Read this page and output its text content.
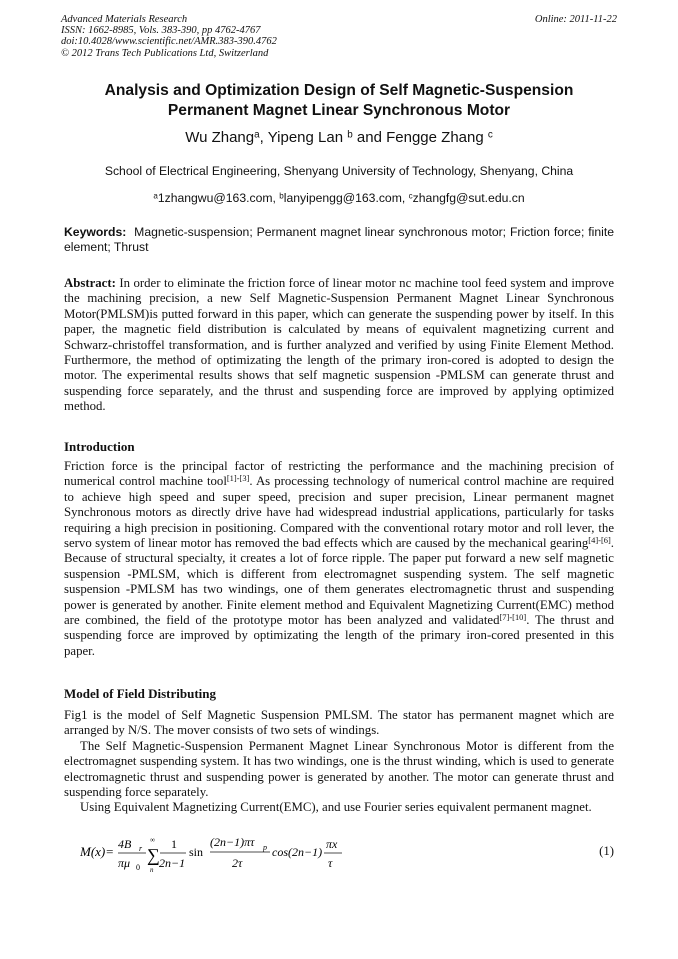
Advanced Materials Research
ISSN: 1662-8985, Vols. 383-390, pp 4762-4767
doi:10.4028/www.scientific.net/AMR.383-390.4762
© 2012 Trans Tech Publications Ltd, Switzerland
Online: 2011-11-22
Analysis and Optimization Design of Self Magnetic-Suspension
Permanent Magnet Linear Synchronous Motor
Wu Zhang$^a$, Yipeng Lan $^b$ and Fengge Zhang $^c$
School of Electrical Engineering, Shenyang University of Technology, Shenyang, China
$^a$1zhangwu@163.com, $^b$lanyipengg@163.com, $^c$zhangfg@sut.edu.cn
Keywords: Magnetic-suspension; Permanent magnet linear synchronous motor; Friction force; finite element; Thrust
Abstract: In order to eliminate the friction force of linear motor nc machine tool feed system and improve the machining precision, a new Self Magnetic-Suspension Permanent Magnet Linear Synchronous Motor(PMLSM)is putted forward in this paper, which can generate the suspending power by itself. In this paper, the magnetic field distribution is calculated by means of equivalent magnetizing current and Schwarz-christoffel transformation, and is further analyzed and verified by using Finite Element Method. Furthermore, the method of optimizating the length of the primary iron-cored is adopted to design the motor. The experimental results shows that self magnetic suspension -PMLSM can generate thrust and suspending force separately, and the thrust and suspending force are improved by applying optimized method.
Introduction
Friction force is the principal factor of restricting the performance and the machining precision of numerical control machine tool[1]-[3]. As processing technology of numerical control machine are required to achieve high speed and super speed, precision and super precision, Linear permanent magnet Synchronous motors as directly drive have had widespread industrial applications, particularly for tasks requiring a high precision in positioning. Compared with the conventional rotary motor and roll lever, the servo system of linear motor has removed the bad effects which are caused by the mechanical gearing[4]-[6]. Because of structural specialty, it creates a lot of force ripple. The paper put forward a new self magnetic suspension -PMLSM, which is different from electromagnet suspending system. The self magnetic suspension -PMLSM has two windings, one of them generates electromagnetic thrust and suspending power is generated by another. Finite element method and Equivalent Magnetizing Current(EMC) method are combined, the field of the prototype motor has been analyzed and validated[7]-[10]. The thrust and suspending force are improved by optimizating the length of the primary iron-cored presented in this paper.
Model of Field Distributing

Fig1 is the model of Self Magnetic Suspension PMLSM. The stator has permanent magnet which are arranged by N/S. The mover consists of two sets of windings.

The Self Magnetic-Suspension Permanent Magnet Linear Synchronous Motor is different from the electromagnet suspending system. It has two windings, one is the thrust winding, which is used to generate electromagnetic thrust and suspending power is generated by another. The motor can generate thrust and suspending force separately.

Using Equivalent Magnetizing Current(EMC), and use Fourier series equivalent permanent magnet.

M(x)= 4B r
πμ 0
∞
∑
n
1
2n−1
sin
(2n−1)πτ p
2τ
cos(2n−1)
πx
τ
(1)
